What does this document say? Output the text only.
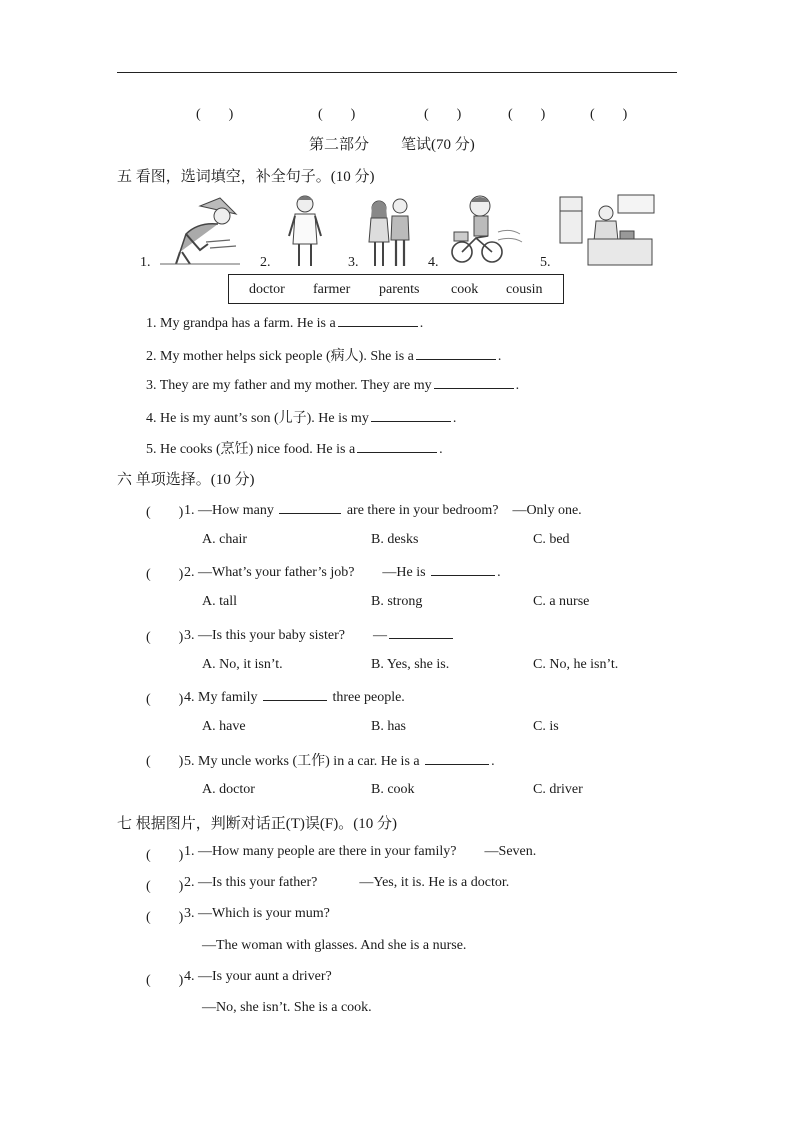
(　　)	(　　)	(　　)	(　　)	(　　)
第二部分 笔试(70 分)
五 看图，选词填空，补全句子。(10 分)
1.	2.	3.	4.	5.
doctor farmer parents cook cousin
1. My grandpa has a farm. He is a	.
2. My mother helps sick people (病人). She is a	.
3. They are my father and my mother. They are my	.
4. He is my aunt’s son (儿子). He is my	.
5. He cooks (烹饪) nice food. He is a	.
六 单项选择。(10 分)
(　　) 1. —How many	are there in your bedroom? —Only one.
A. chair	B. desks	C. bed
(　　) 2. —What’s your father’s job? —He is	.
A. tall	B. strong	C. a nurse
(　　) 3. —Is this your baby sister? —
A. No, it isn’t.	B. Yes, she is.	C. No, he isn’t.
(　　) 4. My family	three people.
A. have	B. has	C. is
(　　) 5. My uncle works (工作) in a car. He is a	.
A. doctor	B. cook	C. driver
七 根据图片，判断对话正(T)误(F)。(10 分)
(　　) 1. —How many people are there in your family? —Seven.
(　　) 2. —Is this your father?	—Yes, it is. He is a doctor.
(　　) 3. —Which is your mum?
—The woman with glasses. And she is a nurse.
(　　) 4. —Is your aunt a driver?
—No, she isn’t. She is a cook.
